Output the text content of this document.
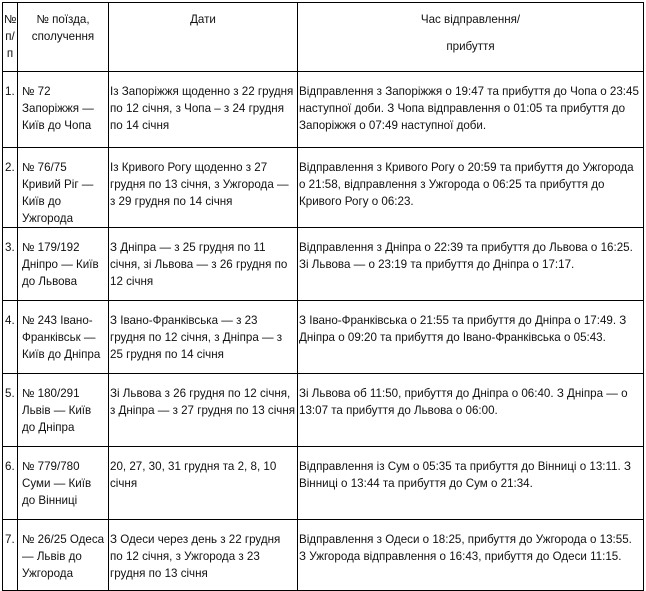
№ п/п	№ поїзда, сполучення	Дати	Час відправлення/
прибуття

1.	№ 72 Запоріжжя — Київ до Чопа	Із Запоріжжя щоденно з 22 грудня по 12 січня, з Чопа – з 24 грудня по 14 січня	Відправлення з Запоріжжя о 19:47 та прибуття до Чопа о 23:45 наступної доби. З Чопа відправлення о 01:05 та прибуття до Запоріжжя о 07:49 наступної доби.
2.	№ 76/75 Кривий Ріг — Київ до Ужгорода	Із Кривого Рогу щоденно з 27 грудня по 13 січня, з Ужгорода — з 29 грудня по 14 січня	Відправлення з Кривого Рогу о 20:59 та прибуття до Ужгорода о 21:58, відправлення з Ужгорода о 06:25 та прибуття до Кривого Рогу о 06:23.
3.	№ 179/192 Дніпро — Київ до Львова	З Дніпра — з 25 грудня по 11 січня, зі Львова — з 26 грудня по 12 січня	Відправлення з Дніпра о 22:39 та прибуття до Львова о 16:25. Зі Львова — о 23:19 та прибуття до Дніпра о 17:17.
4.	№ 243 Івано-Франківськ — Київ до Дніпра	З Івано-Франківська — з 23 грудня по 12 січня, з Дніпра — з 25 грудня по 14 січня	З Івано-Франківська о 21:55 та прибуття до Дніпра о 17:49. З Дніпра о 09:20 та прибуття до Івано-Франківська о 05:43.
5.	№ 180/291 Львів — Київ до Дніпра	Зі Львова з 26 грудня по 12 січня, з Дніпра — з 27 грудня по 13 січня	Зі Львова об 11:50, прибуття до Дніпра о 06:40. З Дніпра — о 13:07 та прибуття до Львова о 06:00.
6.	№ 779/780 Суми — Київ до Вінниці	20, 27, 30, 31 грудня та 2, 8, 10 січня	Відправлення із Сум о 05:35 та прибуття до Вінниці о 13:11. З Вінниці о 13:44 та прибуття до Сум о 21:34.
7.	№ 26/25 Одеса — Львів до Ужгорода	З Одеси через день з 22 грудня по 12 січня, з Ужгорода з 23 грудня по 13 січня	Відправлення з Одеси о 18:25, прибуття до Ужгорода о 13:55. З Ужгорода відправлення о 16:43, прибуття до Одеси 11:15.
